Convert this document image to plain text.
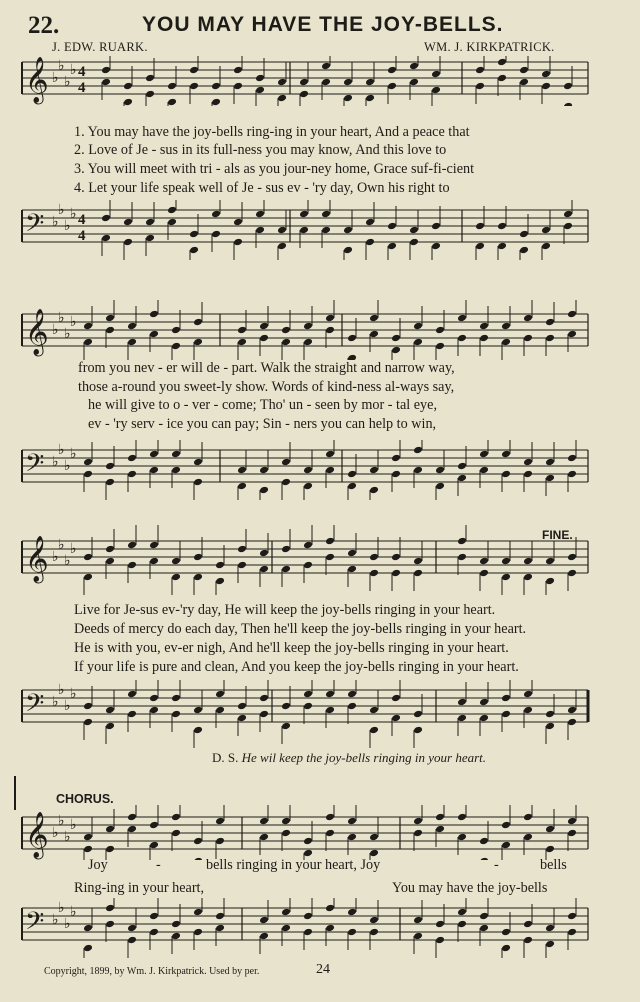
22.	YOU MAY HAVE THE JOY-BELLS.
J. EDW. RUARK.	WM. J. KIRKPATRICK.
𝄞 ♭
♭
♭
♭ 4
4
1. You may have the joy-bells ring-ing in your heart, And a peace that
2. Love of Je - sus in its full-ness you may know, And this love to
3. You will meet with tri - als as you jour-ney home, Grace suf-fi-cient
4. Let your life speak well of Je - sus ev - 'ry day, Own his right to
𝄢 ♭
♭
♭
♭ 4
4
𝄞 ♭
♭
♭
♭
from you nev - er will de - part. Walk the straight and narrow way,
those a-round you sweet-ly show. Words of kind-ness al-ways say,
he will give to o - ver - come; Tho' un - seen by mor - tal eye,
ev - 'ry serv - ice you can pay; Sin - ners you can help to win,
𝄢 ♭
♭
♭
♭
FINE.
𝄞 ♭
♭
♭
♭
Live for Je-sus ev-'ry day, He will keep the joy-bells ringing in your heart.
Deeds of mercy do each day, Then he'll keep the joy-bells ringing in your heart.
He is with you, ev-er nigh, And he'll keep the joy-bells ringing in your heart.
If your life is pure and clean, And you keep the joy-bells ringing in your heart.
𝄢 ♭
♭
♭
♭
D. S. He wil keep the joy-bells ringing in your heart.
CHORUS.
𝄞 ♭
♭
♭
♭
Joy	-	bells ringing in your heart, Joy	-	bells
Ring-ing in your heart,	You may have the joy-bells
𝄢 ♭
♭
♭
♭
Copyright, 1899, by Wm. J. Kirkpatrick. Used by per.	24
